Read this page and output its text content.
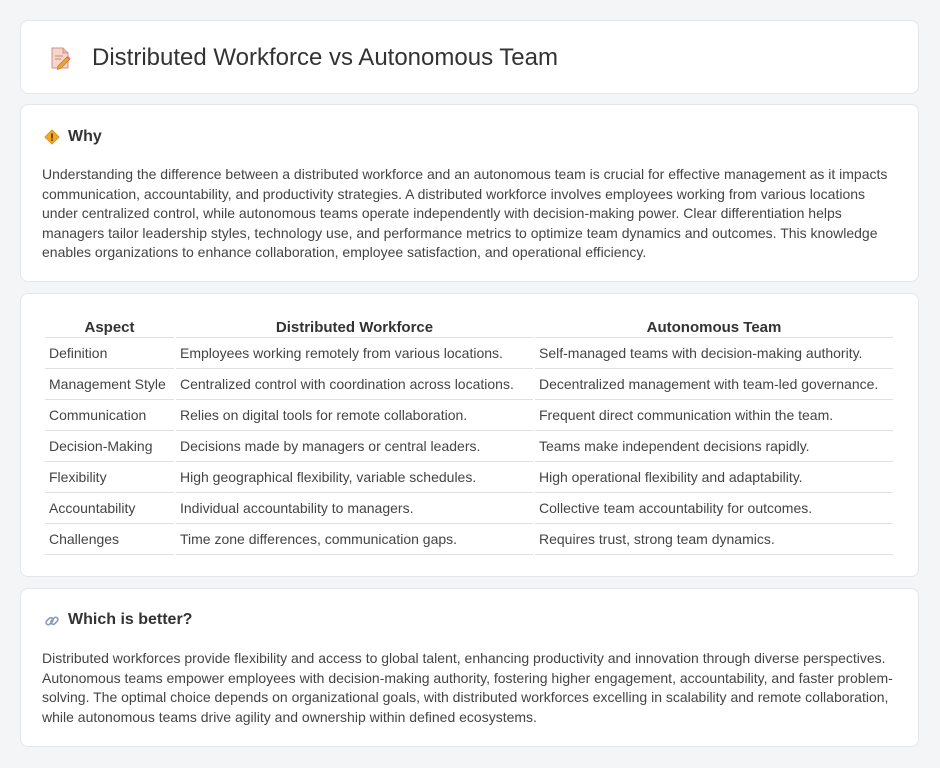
Distributed Workforce vs Autonomous Team
Why

Understanding the difference between a distributed workforce and an autonomous team is crucial for effective management as it impacts communication, accountability, and productivity strategies. A distributed workforce involves employees working from various locations under centralized control, while autonomous teams operate independently with decision-making power. Clear differentiation helps managers tailor leadership styles, technology use, and performance metrics to optimize team dynamics and outcomes. This knowledge enables organizations to enhance collaboration, employee satisfaction, and operational efficiency.

Aspect	Distributed Workforce	Autonomous Team
Definition	Employees working remotely from various locations.	Self-managed teams with decision-making authority.
Management Style	Centralized control with coordination across locations.	Decentralized management with team-led governance.
Communication	Relies on digital tools for remote collaboration.	Frequent direct communication within the team.
Decision-Making	Decisions made by managers or central leaders.	Teams make independent decisions rapidly.
Flexibility	High geographical flexibility, variable schedules.	High operational flexibility and adaptability.
Accountability	Individual accountability to managers.	Collective team accountability for outcomes.
Challenges	Time zone differences, communication gaps.	Requires trust, strong team dynamics.
Which is better?

Distributed workforces provide flexibility and access to global talent, enhancing productivity and innovation through diverse perspectives. Autonomous teams empower employees with decision-making authority, fostering higher engagement, accountability, and faster problem-solving. The optimal choice depends on organizational goals, with distributed workforces excelling in scalability and remote collaboration, while autonomous teams drive agility and ownership within defined ecosystems.
